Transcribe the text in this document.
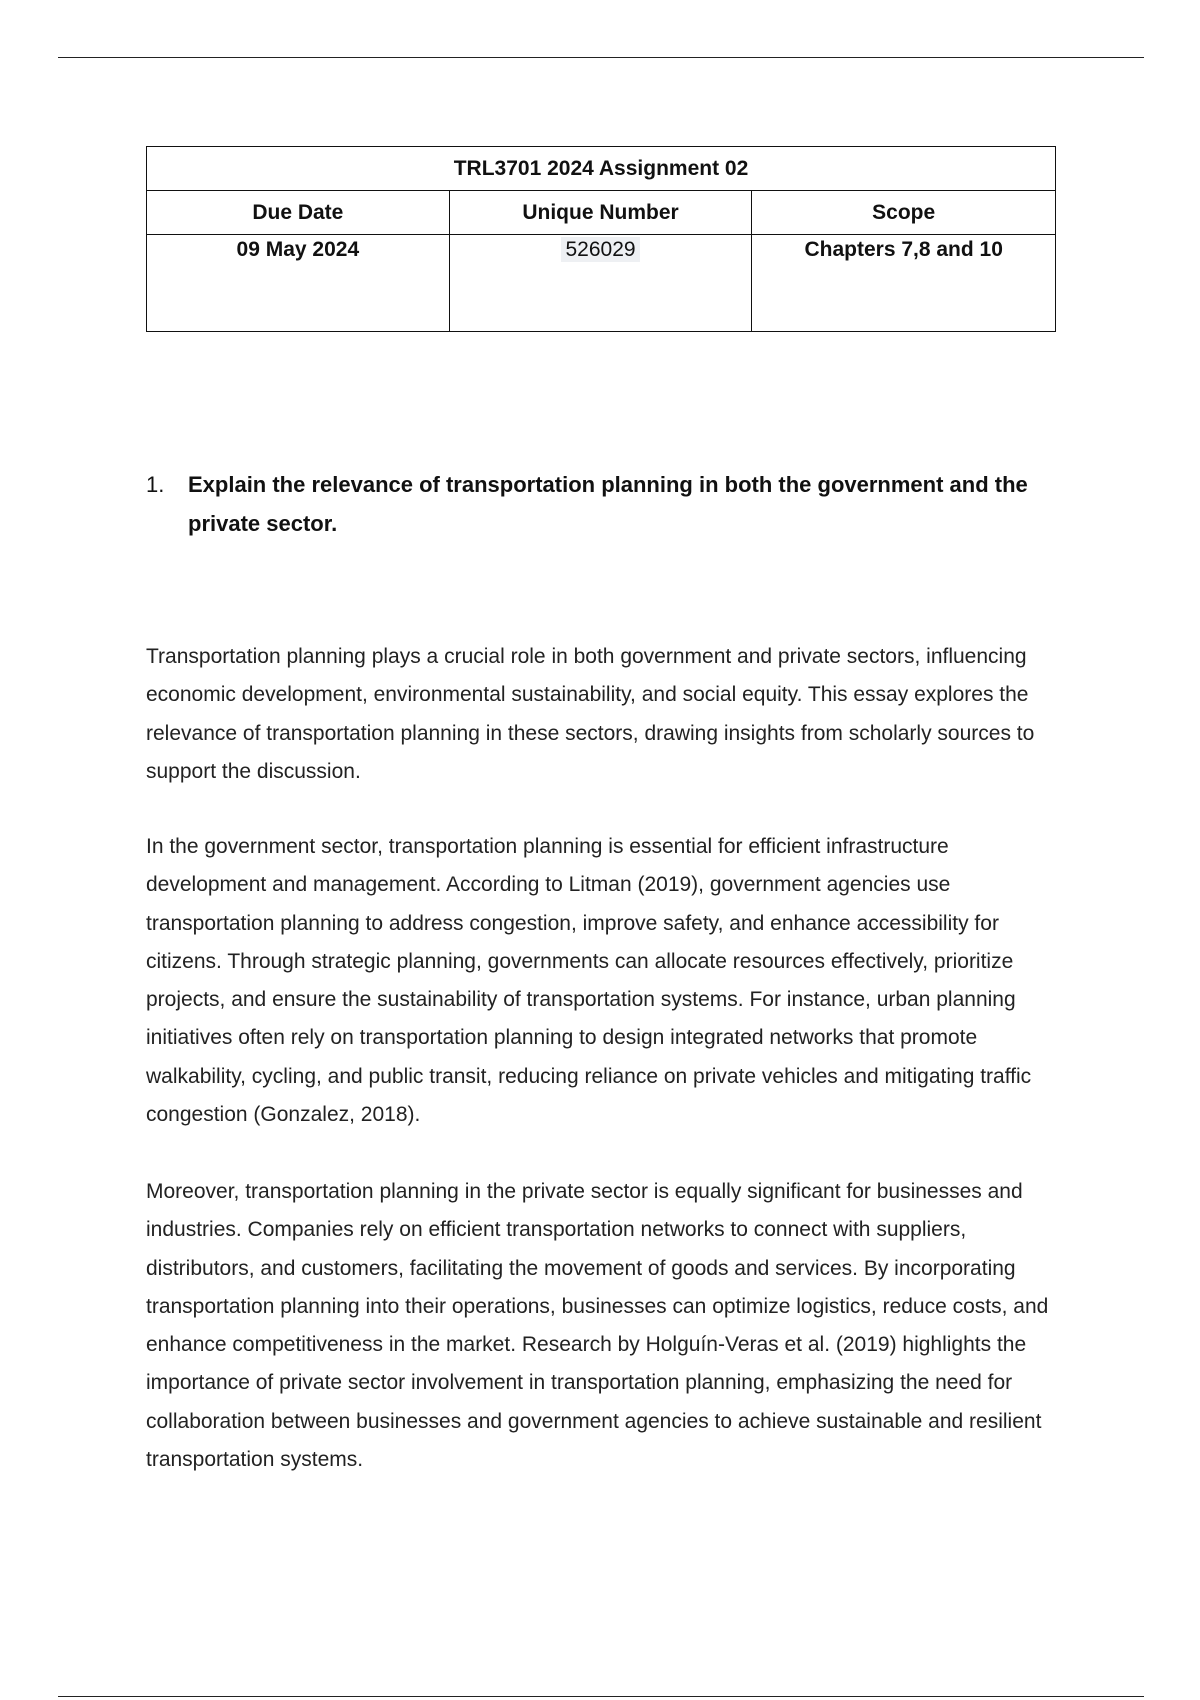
TRL3701 2024 Assignment 02		
Due Date	Unique Number	Scope
09 May 2024	526029	Chapters 7,8 and 10
1. Explain the relevance of transportation planning in both the government and the private sector.
Transportation planning plays a crucial role in both government and private sectors, influencing economic development, environmental sustainability, and social equity. This essay explores the relevance of transportation planning in these sectors, drawing insights from scholarly sources to support the discussion.
In the government sector, transportation planning is essential for efficient infrastructure development and management. According to Litman (2019), government agencies use transportation planning to address congestion, improve safety, and enhance accessibility for citizens. Through strategic planning, governments can allocate resources effectively, prioritize projects, and ensure the sustainability of transportation systems. For instance, urban planning initiatives often rely on transportation planning to design integrated networks that promote walkability, cycling, and public transit, reducing reliance on private vehicles and mitigating traffic congestion (Gonzalez, 2018).
Moreover, transportation planning in the private sector is equally significant for businesses and industries. Companies rely on efficient transportation networks to connect with suppliers, distributors, and customers, facilitating the movement of goods and services. By incorporating transportation planning into their operations, businesses can optimize logistics, reduce costs, and enhance competitiveness in the market. Research by Holguín-Veras et al. (2019) highlights the importance of private sector involvement in transportation planning, emphasizing the need for collaboration between businesses and government agencies to achieve sustainable and resilient transportation systems.
